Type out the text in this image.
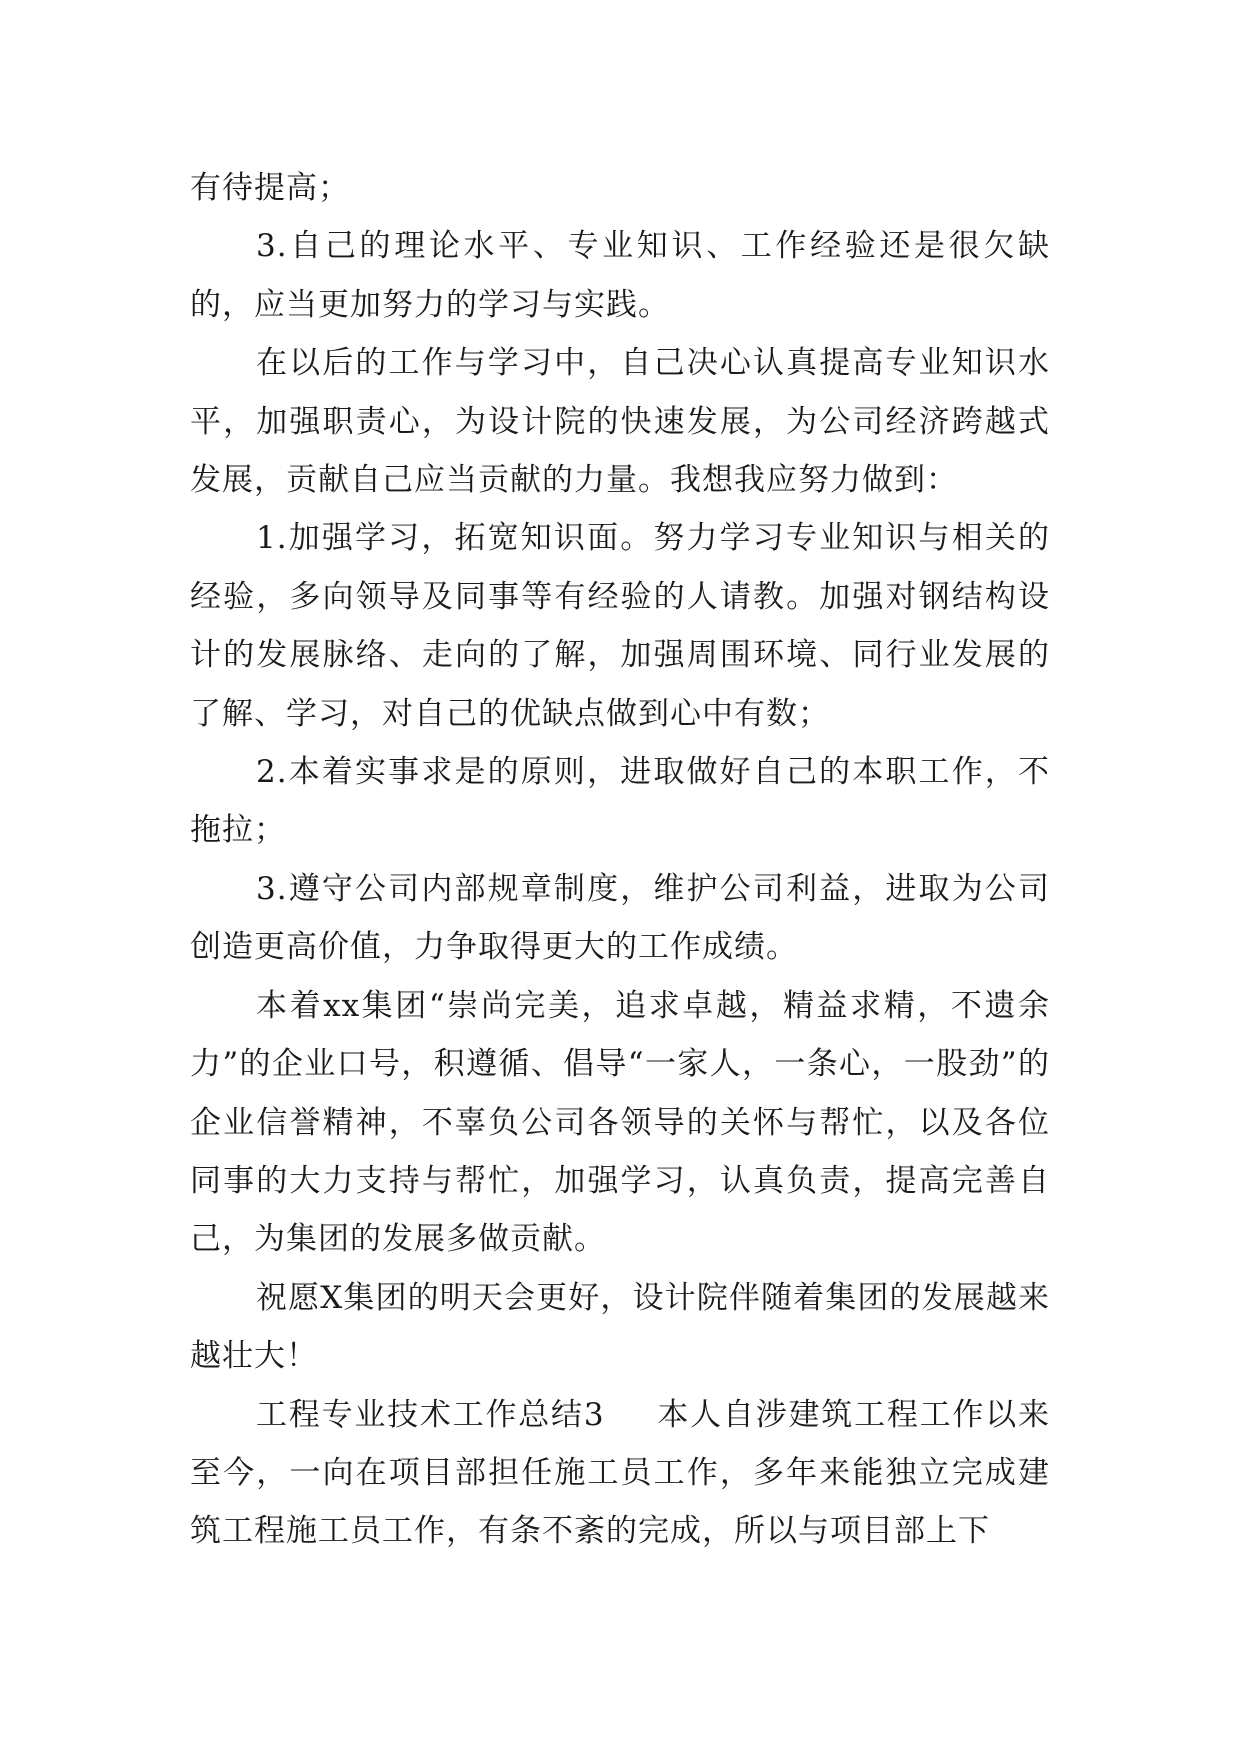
有待提高；

3.自己的理论水平、专业知识、工作经验还是很欠缺的，应当更加努力的学习与实践。

在以后的工作与学习中，自己决心认真提高专业知识水平，加强职责心，为设计院的快速发展，为公司经济跨越式发展，贡献自己应当贡献的力量。我想我应努力做到：

1.加强学习，拓宽知识面。努力学习专业知识与相关的经验，多向领导及同事等有经验的人请教。加强对钢结构设计的发展脉络、走向的了解，加强周围环境、同行业发展的了解、学习，对自己的优缺点做到心中有数；

2.本着实事求是的原则，进取做好自己的本职工作，不拖拉；

3.遵守公司内部规章制度，维护公司利益，进取为公司创造更高价值，力争取得更大的工作成绩。

本着xx集团“崇尚完美，追求卓越，精益求精，不遗余力”的企业口号，积遵循、倡导“一家人，一条心，一股劲”的企业信誉精神，不辜负公司各领导的关怀与帮忙，以及各位同事的大力支持与帮忙，加强学习，认真负责，提高完善自己，为集团的发展多做贡献。

祝愿X集团的明天会更好，设计院伴随着集团的发展越来越壮大！

工程专业技术工作总结3 本人自涉建筑工程工作以来至今，一向在项目部担任施工员工作，多年来能独立完成建筑工程施工员工作，有条不紊的完成，所以与项目部上下
